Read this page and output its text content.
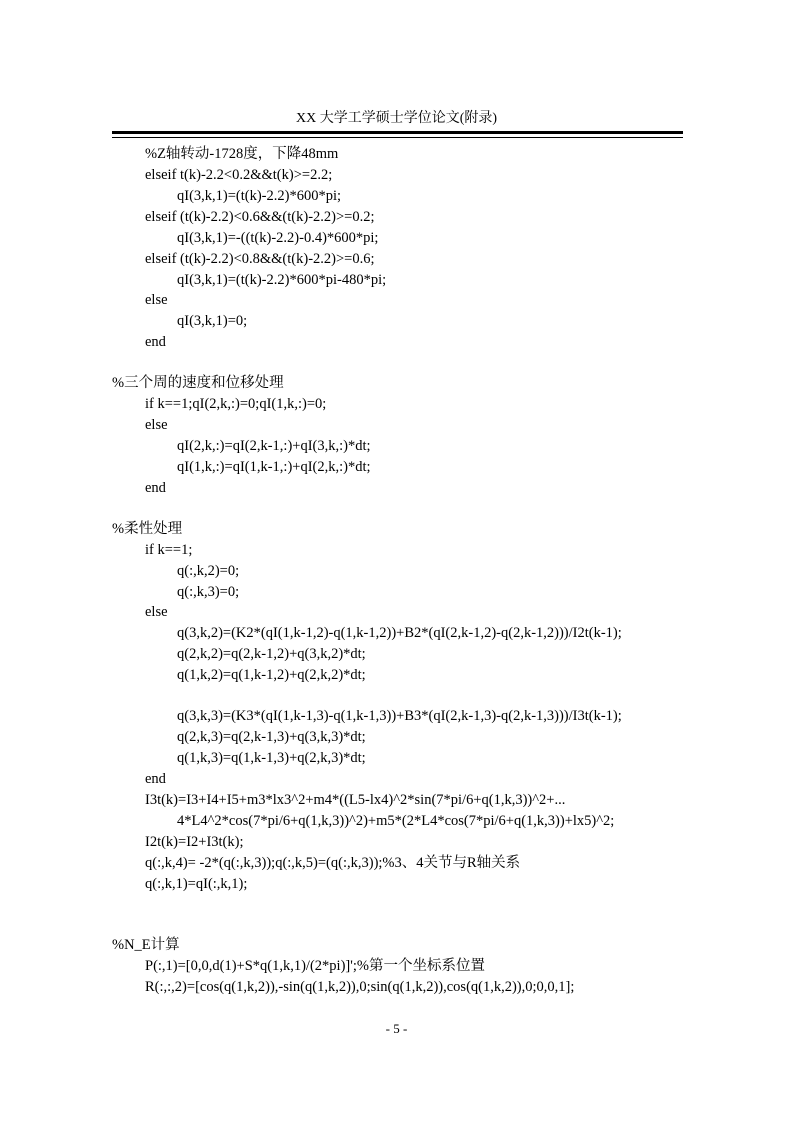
XX 大学工学硕士学位论文(附录)
%Z轴转动-1728度，下降48mm
elseif t(k)-2.2<0.2&&t(k)>=2.2;
qI(3,k,1)=(t(k)-2.2)*600*pi;
elseif (t(k)-2.2)<0.6&&(t(k)-2.2)>=0.2;
qI(3,k,1)=-((t(k)-2.2)-0.4)*600*pi;
elseif (t(k)-2.2)<0.8&&(t(k)-2.2)>=0.6;
qI(3,k,1)=(t(k)-2.2)*600*pi-480*pi;
else
qI(3,k,1)=0;
end
%三个周的速度和位移处理
if k==1;qI(2,k,:)=0;qI(1,k,:)=0;
else
qI(2,k,:)=qI(2,k-1,:)+qI(3,k,:)*dt;
qI(1,k,:)=qI(1,k-1,:)+qI(2,k,:)*dt;
end
%柔性处理
if k==1;
q(:,k,2)=0;
q(:,k,3)=0;
else
q(3,k,2)=(K2*(qI(1,k-1,2)-q(1,k-1,2))+B2*(qI(2,k-1,2)-q(2,k-1,2)))/I2t(k-1);
q(2,k,2)=q(2,k-1,2)+q(3,k,2)*dt;
q(1,k,2)=q(1,k-1,2)+q(2,k,2)*dt;
q(3,k,3)=(K3*(qI(1,k-1,3)-q(1,k-1,3))+B3*(qI(2,k-1,3)-q(2,k-1,3)))/I3t(k-1);
q(2,k,3)=q(2,k-1,3)+q(3,k,3)*dt;
q(1,k,3)=q(1,k-1,3)+q(2,k,3)*dt;
end
I3t(k)=I3+I4+I5+m3*lx3^2+m4*((L5-lx4)^2*sin(7*pi/6+q(1,k,3))^2+...
4*L4^2*cos(7*pi/6+q(1,k,3))^2)+m5*(2*L4*cos(7*pi/6+q(1,k,3))+lx5)^2;
I2t(k)=I2+I3t(k);
q(:,k,4)= -2*(q(:,k,3));q(:,k,5)=(q(:,k,3));%3、4关节与R轴关系
q(:,k,1)=qI(:,k,1);
%N_E计算
P(:,1)=[0,0,d(1)+S*q(1,k,1)/(2*pi)]';%第一个坐标系位置
R(:,:,2)=[cos(q(1,k,2)),-sin(q(1,k,2)),0;sin(q(1,k,2)),cos(q(1,k,2)),0;0,0,1];
- 5 -
